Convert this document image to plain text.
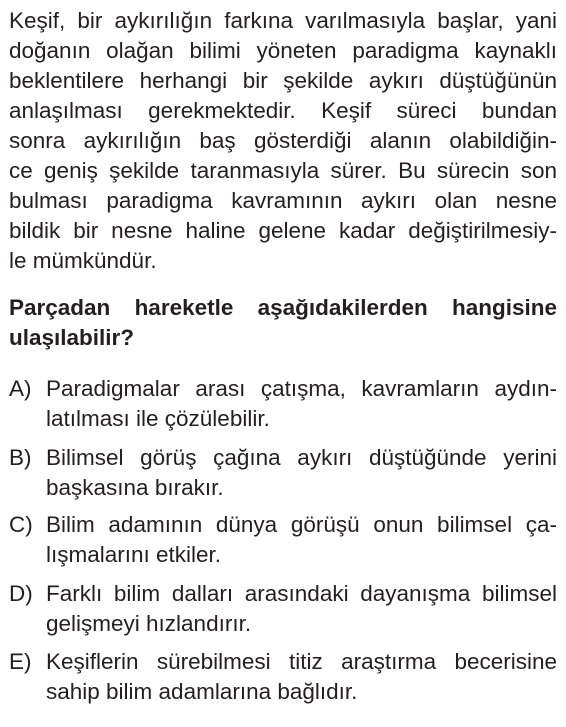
Keşif, bir aykırılığın farkına varılmasıyla başlar, yani
doğanın olağan bilimi yöneten paradigma kaynaklı
beklentilere herhangi bir şekilde aykırı düştüğünün
anlaşılması gerekmektedir. Keşif süreci bundan
sonra aykırılığın baş gösterdiği alanın olabildiğin-
ce geniş şekilde taranmasıyla sürer. Bu sürecin son
bulması paradigma kavramının aykırı olan nesne
bildik bir nesne haline gelene kadar değiştirilmesiy-
le mümkündür.
Parçadan hareketle aşağıdakilerden hangisine
ulaşılabilir?
A) Paradigmalar arası çatışma, kavramların aydın-
latılması ile çözülebilir.
B) Bilimsel görüş çağına aykırı düştüğünde yerini
başkasına bırakır.
C) Bilim adamının dünya görüşü onun bilimsel ça-
lışmalarını etkiler.
D) Farklı bilim dalları arasındaki dayanışma bilimsel
gelişmeyi hızlandırır.
E) Keşiflerin sürebilmesi titiz araştırma becerisine
sahip bilim adamlarına bağlıdır.
